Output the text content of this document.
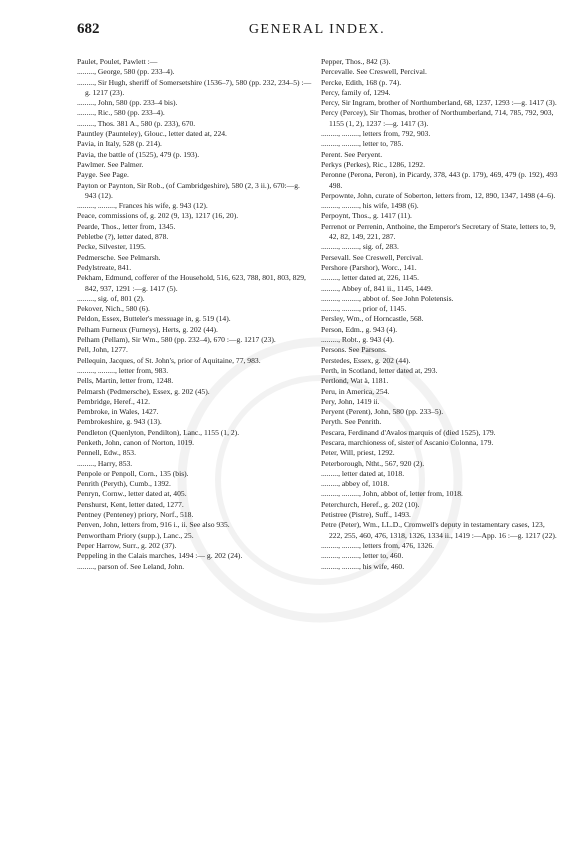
682	GENERAL INDEX.

Paulet, Poulet, Pawlett :—

........., George, 580 (pp. 233–4).

........., Sir Hugh, sheriff of Somersetshire (1536–7), 580 (pp. 232, 234–5) :— g. 1217 (23).

........., John, 580 (pp. 233–4 bis).

........., Ric., 580 (pp. 233–4).

........., Thos. 381 A., 580 (p. 233), 670.

Pauntley (Paunteley), Glouc., letter dated at, 224.

Pavia, in Italy, 528 (p. 214).

Pavia, the battle of (1525), 479 (p. 193).

Pawlmer. See Palmer.

Payge. See Page.

Payton or Paynton, Sir Rob., (of Cambridgeshire), 580 (2, 3 ii.), 670:—g. 943 (12).

........., ........., Frances his wife, g. 943 (12).

Peace, commissions of, g. 202 (9, 13), 1217 (16, 20).

Pearde, Thos., letter from, 1345.

Pebletbe (?), letter dated, 878.

Pecke, Silvester, 1195.

Pedmersche. See Pelmarsh.

Pedylstreate, 841.

Pekham, Edmund, cofferer of the Household, 516, 623, 788, 801, 803, 829, 842, 937, 1291 :—g. 1417 (5).

........., sig. of, 801 (2).

Pekover, Nich., 580 (6).

Peldon, Essex, Butteler's messuage in, g. 519 (14).

Pelham Furneux (Furneys), Herts, g. 202 (44).

Pelham (Pellam), Sir Wm., 580 (pp. 232–4), 670 :—g. 1217 (23).

Pell, John, 1277.

Pellequin, Jacques, of St. John's, prior of Aquitaine, 77, 983.

........., ........., letter from, 983.

Pells, Martin, letter from, 1248.

Pelmarsh (Pedmersche), Essex, g. 202 (45).

Pembridge, Heref., 412.

Pembroke, in Wales, 1427.

Pembrokeshire, g. 943 (13).

Pendleton (Quenlyton, Pendilton), Lanc., 1155 (1, 2).

Penketh, John, canon of Norton, 1019.

Pennell, Edw., 853.

........., Harry, 853.

Penpole or Penpoll, Corn., 135 (bis).

Penrith (Peryth), Cumb., 1392.

Penryn, Cornw., letter dated at, 405.

Penshurst, Kent, letter dated, 1277.

Pentney (Penteney) priory, Norf., 518.

Penven, John, letters from, 916 i., ii. See also 935.

Penwortham Priory (supp.), Lanc., 25.

Peper Harrow, Surr., g. 202 (37).

Peppeling in the Calais marches, 1494 :— g. 202 (24).

........., parson of. See Leland, John.

Pepper, Thos., 842 (3).

Percevalle. See Creswell, Percival.

Percke, Edith, 168 (p. 74).

Percy, family of, 1294.

Percy, Sir Ingram, brother of Northumberland, 68, 1237, 1293 :—g. 1417 (3).

Percy (Percey), Sir Thomas, brother of Northumberland, 714, 785, 792, 903, 1155 (1, 2), 1237 :—g. 1417 (3).

........., ........., letters from, 792, 903.

........., ........., letter to, 785.

Perent. See Peryent.

Perkys (Perkes), Ric., 1286, 1292.

Peronne (Perona, Peron), in Picardy, 378, 443 (p. 179), 469, 479 (p. 192), 493 498.

Perpownte, John, curate of Soberton, letters from, 12, 890, 1347, 1498 (4–6).

........., ........., his wife, 1498 (6).

Perpoynt, Thos., g. 1417 (11).

Perrenot or Perrenin, Anthoine, the Emperor's Secretary of State, letters to, 9, 42, 82, 149, 221, 287.

........., ........., sig. of, 283.

Persevall. See Creswell, Percival.

Pershore (Parshor), Worc., 141.

........., letter dated at, 226, 1145.

........., Abbey of, 841 ii., 1145, 1449.

........., ........., abbot of. See John Poletensis.

........., ........., prior of, 1145.

Persley, Wm., of Horncastle, 568.

Person, Edm., g. 943 (4).

........., Robt., g. 943 (4).

Persons. See Parsons.

Perstedes, Essex, g. 202 (44).

Perth, in Scotland, letter dated at, 293.

Pertlond, Wat à, 1181.

Peru, in America, 254.

Pery, John, 1419 ii.

Peryent (Perent), John, 580 (pp. 233–5).

Peryth. See Penrith.

Pescara, Ferdinand d'Avalos marquis of (died 1525), 179.

Pescara, marchioness of, sister of Ascanio Colonna, 179.

Peter, Will, priest, 1292.

Peterborough, Ntht., 567, 920 (2).

........., letter dated at, 1018.

........., abbey of, 1018.

........., ........., John, abbot of, letter from, 1018.

Peterchurch, Heref., g. 202 (10).

Petistree (Pistre), Suff., 1493.

Petre (Peter), Wm., LL.D., Cromwell's deputy in testamentary cases, 123, 222, 255, 460, 476, 1318, 1326, 1334 ii., 1419 :—App. 16 :—g. 1217 (22).

........., ........., letters from, 476, 1326.

........., ........., letter to, 460.

........., ........., his wife, 460.
